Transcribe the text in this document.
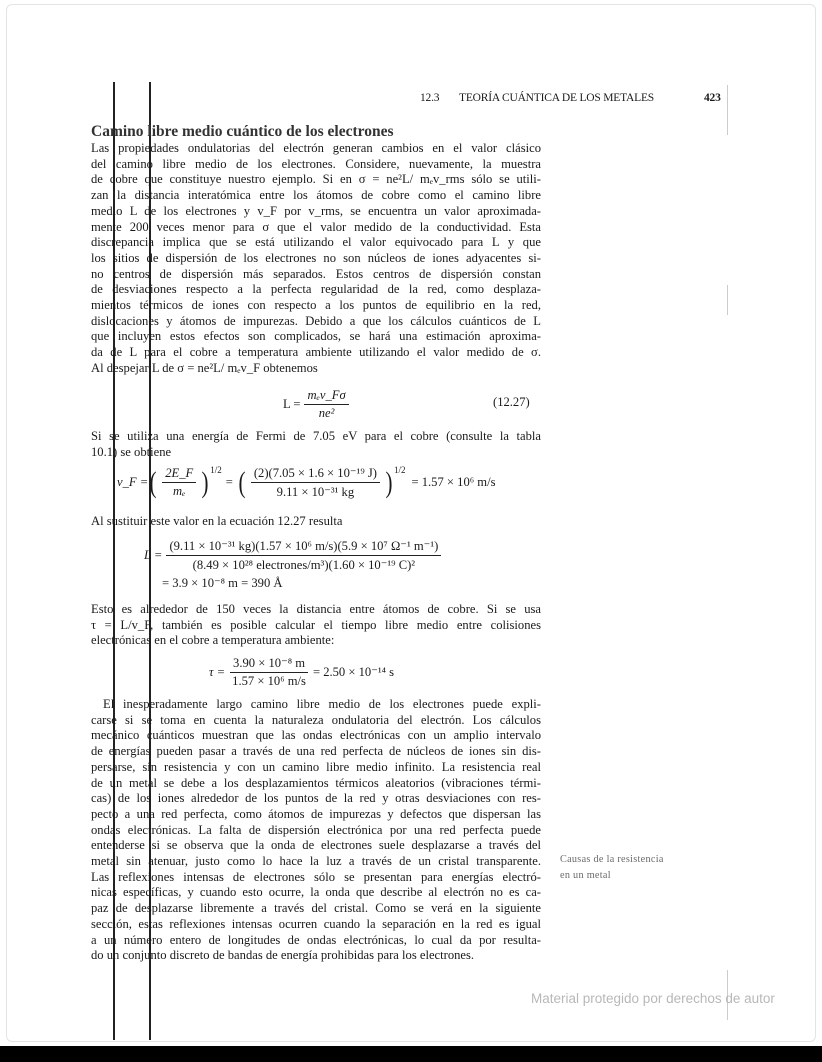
12.3 TEORÍA CUÁNTICA DE LOS METALES	423
Camino libre medio cuántico de los electrones
Las propiedades ondulatorias del electrón generan cambios en el valor clásico
del camino libre medio de los electrones. Considere, nuevamente, la muestra
de cobre que constituye nuestro ejemplo. Si en σ = ne²L/ mₑv_rms sólo se utili-
zan la distancia interatómica entre los átomos de cobre como el camino libre
medio L de los electrones y v_F por v_rms, se encuentra un valor aproximada-
mente 200 veces menor para σ que el valor medido de la conductividad. Esta
discrepancia implica que se está utilizando el valor equivocado para L y que
los sitios de dispersión de los electrones no son núcleos de iones adyacentes si-
no centros de dispersión más separados. Estos centros de dispersión constan
de desviaciones respecto a la perfecta regularidad de la red, como desplaza-
mientos térmicos de iones con respecto a los puntos de equilibrio en la red,
dislocaciones y átomos de impurezas. Debido a que los cálculos cuánticos de L
que incluyen estos efectos son complicados, se hará una estimación aproxima-
da de L para el cobre a temperatura ambiente utilizando el valor medido de σ.
Al despejar L de σ = ne²L/ mₑv_F obtenemos
$L = \frac{\text{mₑv\_Fσ}}{\text{ne²}}$	(12.27)
Si se utiliza una energía de Fermi de 7.05 eV para el cobre (consulte la tabla
10.1) se obtiene
v_F = ( $\frac{2E\_F}{\text{mₑ}} )^{1/2}$
= ( $\frac{\text{(2)(7.05 × 1.6 × 10⁻¹⁹ J)}}{\text{9.11 × 10⁻³¹ kg}} )^{1/2}$
= 1.57 × 10⁶ m/s
Al sustituir este valor en la ecuación 12.27 resulta
$L = \frac{\text{(9.11 × 10⁻³¹ kg)(1.57 × 10⁶ m/s)(5.9 × 10⁷ Ω⁻¹ m⁻¹)}}{\text{(8.49 × 10²⁸ electrones/m³)(1.60 × 10⁻¹⁹ C)²}}$
= 3.9 × 10⁻⁸ m = 390 Å
Esto es alrededor de 150 veces la distancia entre átomos de cobre. Si se usa
τ = L/v_F, también es posible calcular el tiempo libre medio entre colisiones
electrónicas en el cobre a temperatura ambiente:
$\tau = \frac{\text{3.90 × 10⁻⁸ m}}{\text{1.57 × 10⁶ m/s}} = 2.50 \times 10^{-14}$ s
El inesperadamente largo camino libre medio de los electrones puede expli-
carse si se toma en cuenta la naturaleza ondulatoria del electrón. Los cálculos
mecánico cuánticos muestran que las ondas electrónicas con un amplio intervalo
de energías pueden pasar a través de una red perfecta de núcleos de iones sin dis-
persarse, sin resistencia y con un camino libre medio infinito. La resistencia real
de un metal se debe a los desplazamientos térmicos aleatorios (vibraciones térmi-
cas) de los iones alrededor de los puntos de la red y otras desviaciones con res-
pecto a una red perfecta, como átomos de impurezas y defectos que dispersan las
ondas electrónicas. La falta de dispersión electrónica por una red perfecta puede
entenderse si se observa que la onda de electrones suele desplazarse a través del
metal sin atenuar, justo como lo hace la luz a través de un cristal transparente.
Las reflexiones intensas de electrones sólo se presentan para energías electró-
nicas específicas, y cuando esto ocurre, la onda que describe al electrón no es ca-
paz de desplazarse libremente a través del cristal. Como se verá en la siguiente
sección, estas reflexiones intensas ocurren cuando la separación en la red es igual
a un número entero de longitudes de ondas electrónicas, lo cual da por resulta-
do un conjunto discreto de bandas de energía prohibidas para los electrones.
Causas de la resistencia
en un metal
Material protegido por derechos de autor
